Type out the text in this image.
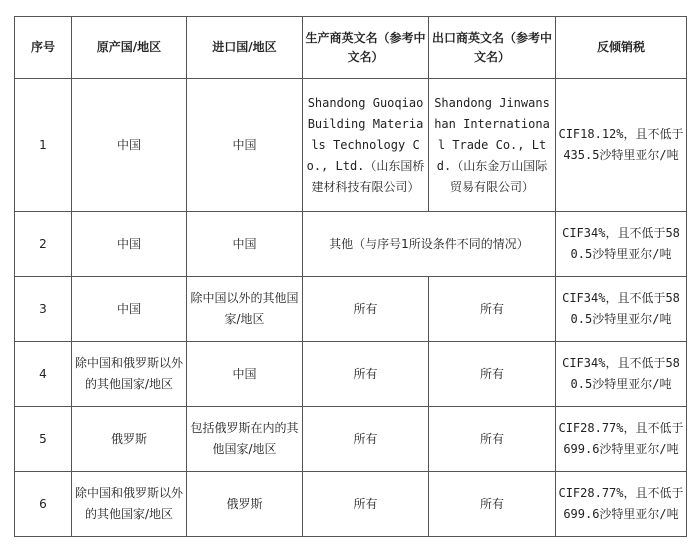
序号	原产国/地区	进口国/地区	生产商英文名（参考中文名）	出口商英文名（参考中文名）	反倾销税
1	中国	中国	Shandong Guoqiao Building Materials Technology Co., Ltd.（山东国桥建材科技有限公司）	Shandong Jinwanshan International Trade Co., Ltd.（山东金万山国际贸易有限公司）	CIF18.12%，且不低于435.5沙特里亚尔/吨
2	中国	中国	其他（与序号1所设条件不同的情况）		CIF34%，且不低于580.5沙特里亚尔/吨
3	中国	除中国以外的其他国家/地区	所有	所有	CIF34%，且不低于580.5沙特里亚尔/吨
4	除中国和俄罗斯以外的其他国家/地区	中国	所有	所有	CIF34%，且不低于580.5沙特里亚尔/吨
5	俄罗斯	包括俄罗斯在内的其他国家/地区	所有	所有	CIF28.77%，且不低于699.6沙特里亚尔/吨
6	除中国和俄罗斯以外的其他国家/地区	俄罗斯	所有	所有	CIF28.77%，且不低于699.6沙特里亚尔/吨
